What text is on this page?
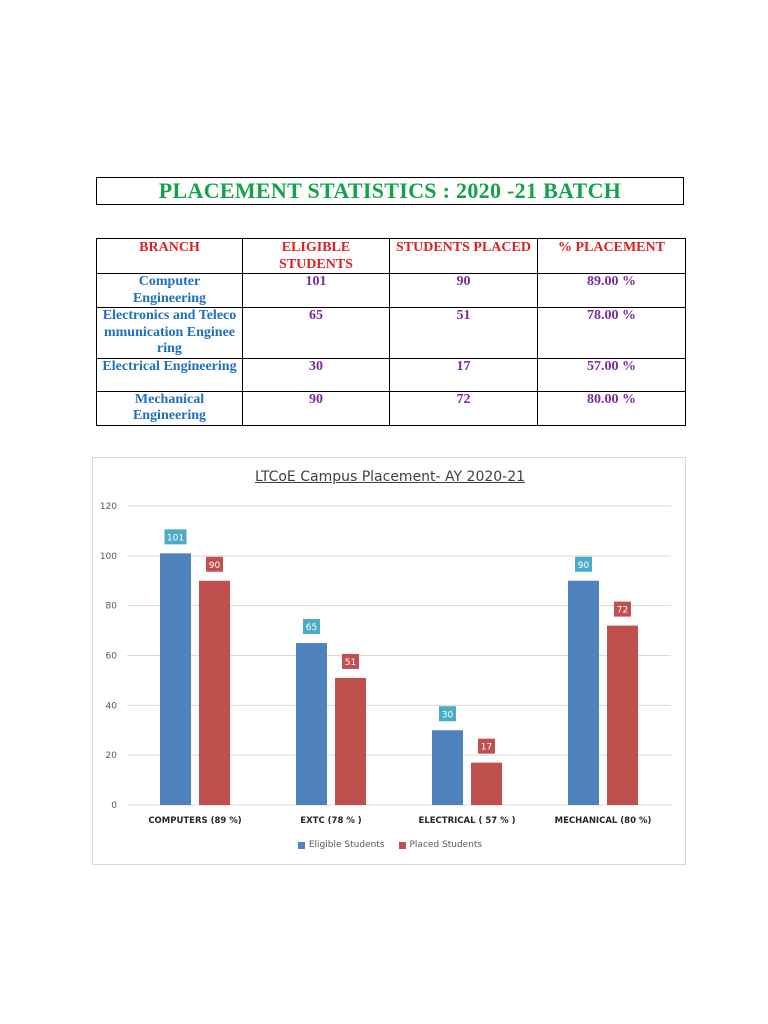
PLACEMENT STATISTICS : 2020 -21 BATCH
BRANCH	ELIGIBLE STUDENTS	STUDENTS PLACED	% PLACEMENT
Computer Engineering	101	90	89.00 %
Electronics and Telecommunication Engineering	65	51	78.00 %
Electrical Engineering	30	17	57.00 %
Mechanical Engineering	90	72	80.00 %
LTCoE Campus Placement- AY 2020-21
0
20
40
60
80
100
120
101
90
COMPUTERS (89 %)
65
51
EXTC (78 % )
30
17
ELECTRICAL ( 57 % )
90
72
MECHANICAL (80 %)
Eligible Students	Placed Students
